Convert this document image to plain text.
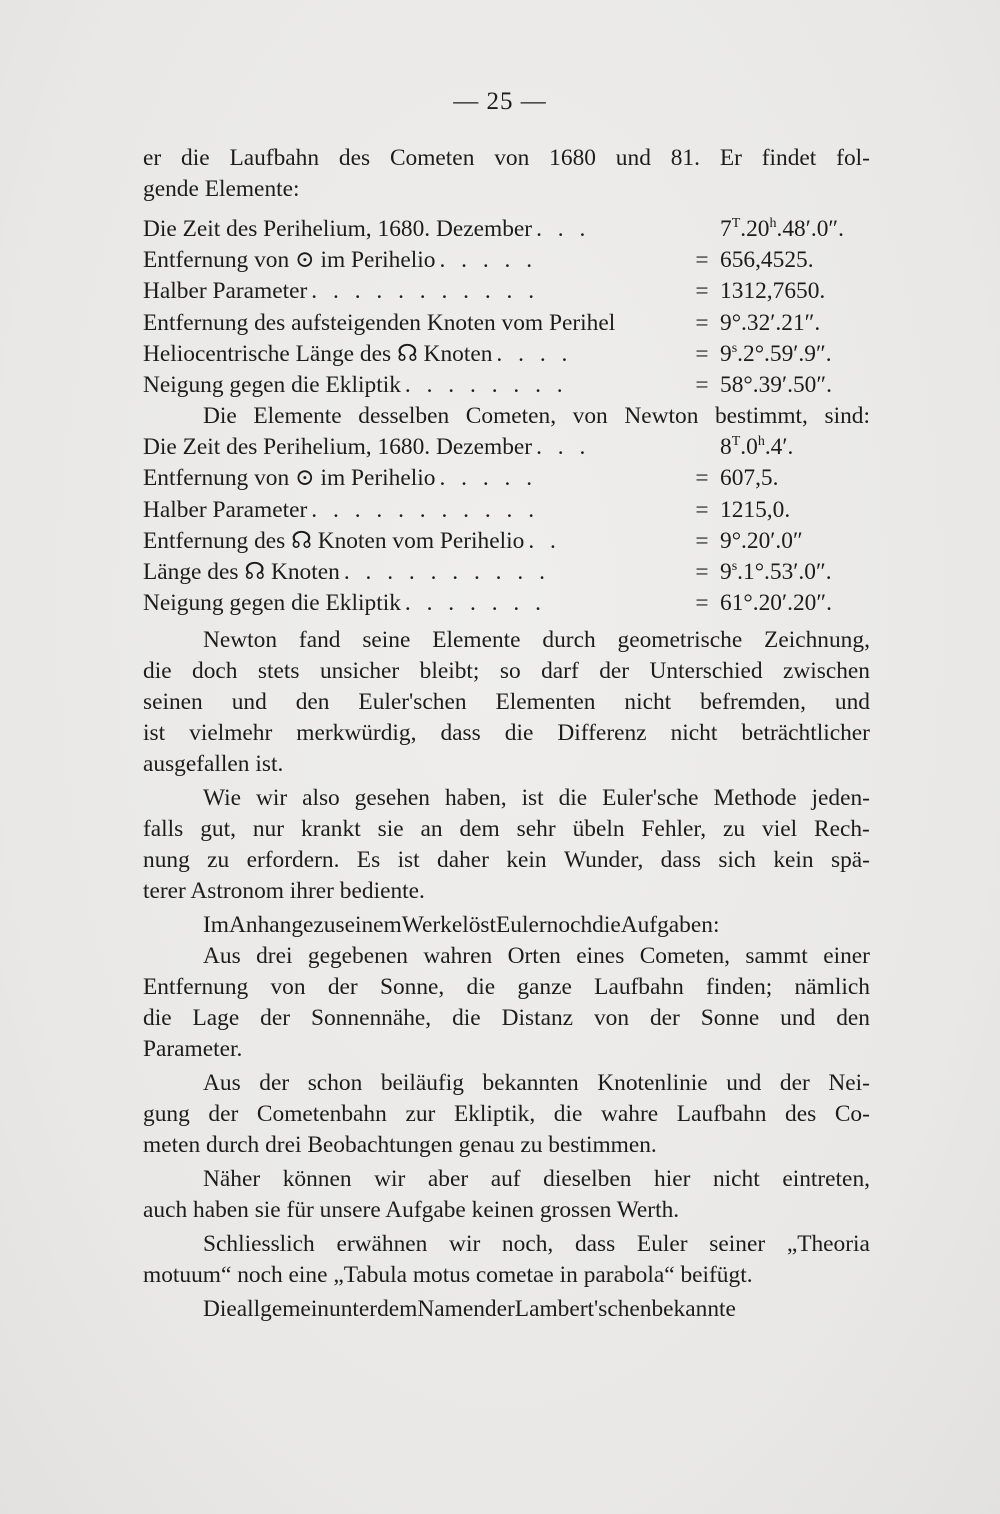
— 25 —
er die Laufbahn des Cometen von 1680 und 81. Er findet fol-
gende Elemente:
Die Zeit des Perihelium, 1680. Dezember . . .	$7^T.20^h.48'.0''$.
Entfernung von ⊙ im Perihelio . . . . .	= 656,4525.
Halber Parameter . . . . . . . . . . .	= 1312,7650.
Entfernung des aufsteigenden Knoten vom Perihel	= 9°.32′.21″.
Heliocentrische Länge des ☊ Knoten . . . .	= $9^s.2^\circ.59'.9''$.
Neigung gegen die Ekliptik . . . . . . . .	= 58°.39′.50″.
Die Elemente desselben Cometen, von Newton bestimmt, sind:
Die Zeit des Perihelium, 1680. Dezember . . .	$8^T.0^h.4'$.
Entfernung von ⊙ im Perihelio . . . . .	= 607,5.
Halber Parameter . . . . . . . . . . .	= 1215,0.
Entfernung des ☊ Knoten vom Perihelio . .	= 9°.20′.0″
Länge des ☊ Knoten . . . . . . . . . .	= $9^s.1^\circ.53'.0''$.
Neigung gegen die Ekliptik . . . . . . .	= 61°.20′.20″.
Newton fand seine Elemente durch geometrische Zeichnung,
die doch stets unsicher bleibt; so darf der Unterschied zwischen
seinen und den Euler'schen Elementen nicht befremden, und
ist vielmehr merkwürdig, dass die Differenz nicht beträchtlicher
ausgefallen ist.
Wie wir also gesehen haben, ist die Euler'sche Methode jeden-
falls gut, nur krankt sie an dem sehr übeln Fehler, zu viel Rech-
nung zu erfordern. Es ist daher kein Wunder, dass sich kein spä-
terer Astronom ihrer bediente.
ImAnhangezuseinemWerkelöstEulernochdieAufgaben:
Aus drei gegebenen wahren Orten eines Cometen, sammt einer
Entfernung von der Sonne, die ganze Laufbahn finden; nämlich
die Lage der Sonnennähe, die Distanz von der Sonne und den
Parameter.
Aus der schon beiläufig bekannten Knotenlinie und der Nei-
gung der Cometenbahn zur Ekliptik, die wahre Laufbahn des Co-
meten durch drei Beobachtungen genau zu bestimmen.
Näher können wir aber auf dieselben hier nicht eintreten,
auch haben sie für unsere Aufgabe keinen grossen Werth.
Schliesslich erwähnen wir noch, dass Euler seiner „Theoria
motuum“ noch eine „Tabula motus cometae in parabola“ beifügt.
DieallgemeinunterdemNamenderLambert'schenbekannte
